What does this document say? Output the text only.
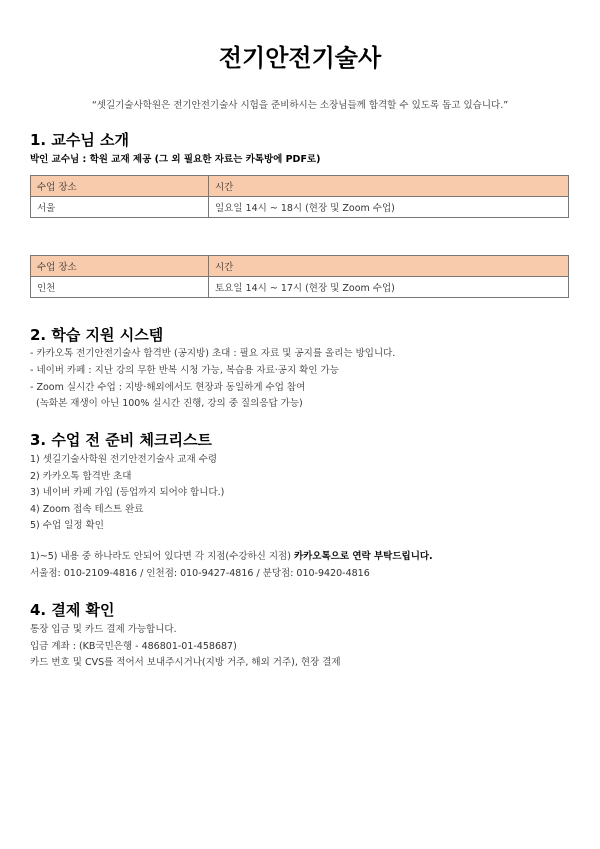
전기안전기술사
“셋길기술사학원은 전기안전기술사 시험을 준비하시는 소장님들께 합격할 수 있도록 돕고 있습니다.”
1. 교수님 소개
박인 교수님 : 학원 교재 제공 (그 외 필요한 자료는 카톡방에 PDF로)
수업 장소	시간
서울	일요일 14시 ~ 18시 (현장 및 Zoom 수업)
수업 장소	시간
인천	토요일 14시 ~ 17시 (현장 및 Zoom 수업)
2. 학습 지원 시스템
- 카카오톡 전기안전기술사 합격반 (공지방) 초대 : 필요 자료 및 공지를 올리는 방입니다.
- 네이버 카페 : 지난 강의 무한 반복 시청 가능, 복습용 자료·공지 확인 가능
- Zoom 실시간 수업 : 지방·해외에서도 현장과 동일하게 수업 참여
(녹화본 재생이 아닌 100% 실시간 진행, 강의 중 질의응답 가능)
3. 수업 전 준비 체크리스트
1) 셋길기술사학원 전기안전기술사 교재 수령
2) 카카오톡 합격반 초대
3) 네이버 카페 가입 (등업까지 되어야 합니다.)
4) Zoom 접속 테스트 완료
5) 수업 일정 확인
1)~5) 내용 중 하나라도 안되어 있다면 각 지점(수강하신 지점) 카카오톡으로 연락 부탁드립니다.
서울점: 010-2109-4816 / 인천점: 010-9427-4816 / 분당점: 010-9420-4816
4. 결제 확인
통장 입금 및 카드 결제 가능합니다.
입금 계좌 : (KB국민은행 - 486801-01-458687)
카드 번호 및 CVS를 적어서 보내주시거나(지방 거주, 해외 거주), 현장 결제
